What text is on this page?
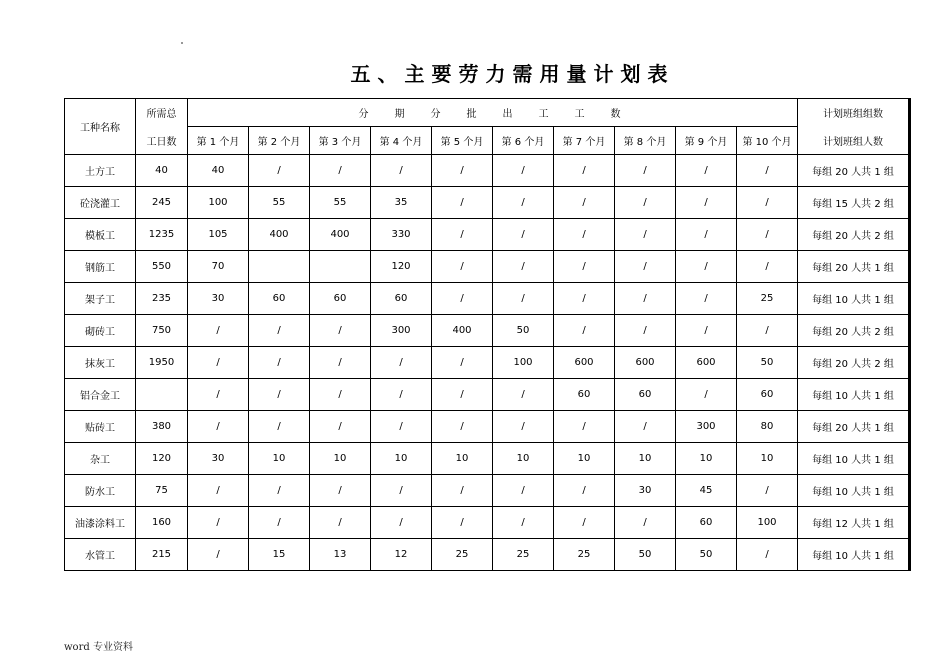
五、主要劳力需用量计划表
工种名称	所需总	分期分批出工工数										计划班组组数
	工日数	第 1 个月	第 2 个月	第 3 个月	第 4 个月	第 5 个月	第 6 个月	第 7 个月	第 8 个月	第 9 个月	第 10 个月	计划班组人数
土方工	40	40	/	/	/	/	/	/	/	/	/	每组 20 人共 1 组
砼浇灌工	245	100	55	55	35	/	/	/	/	/	/	每组 15 人共 2 组
模板工	1235	105	400	400	330	/	/	/	/	/	/	每组 20 人共 2 组
钢筋工	550	70			120	/	/	/	/	/	/	每组 20 人共 1 组
架子工	235	30	60	60	60	/	/	/	/	/	25	每组 10 人共 1 组
砌砖工	750	/	/	/	300	400	50	/	/	/	/	每组 20 人共 2 组
抹灰工	1950	/	/	/	/	/	100	600	600	600	50	每组 20 人共 2 组
铝合金工		/	/	/	/	/	/	60	60	/	60	每组 10 人共 1 组
贴砖工	380	/	/	/	/	/	/	/	/	300	80	每组 20 人共 1 组
杂工	120	30	10	10	10	10	10	10	10	10	10	每组 10 人共 1 组
防水工	75	/	/	/	/	/	/	/	30	45	/	每组 10 人共 1 组
油漆涂料工	160	/	/	/	/	/	/	/	/	60	100	每组 12 人共 1 组
水管工	215	/	15	13	12	25	25	25	50	50	/	每组 10 人共 1 组
word 专业资料
